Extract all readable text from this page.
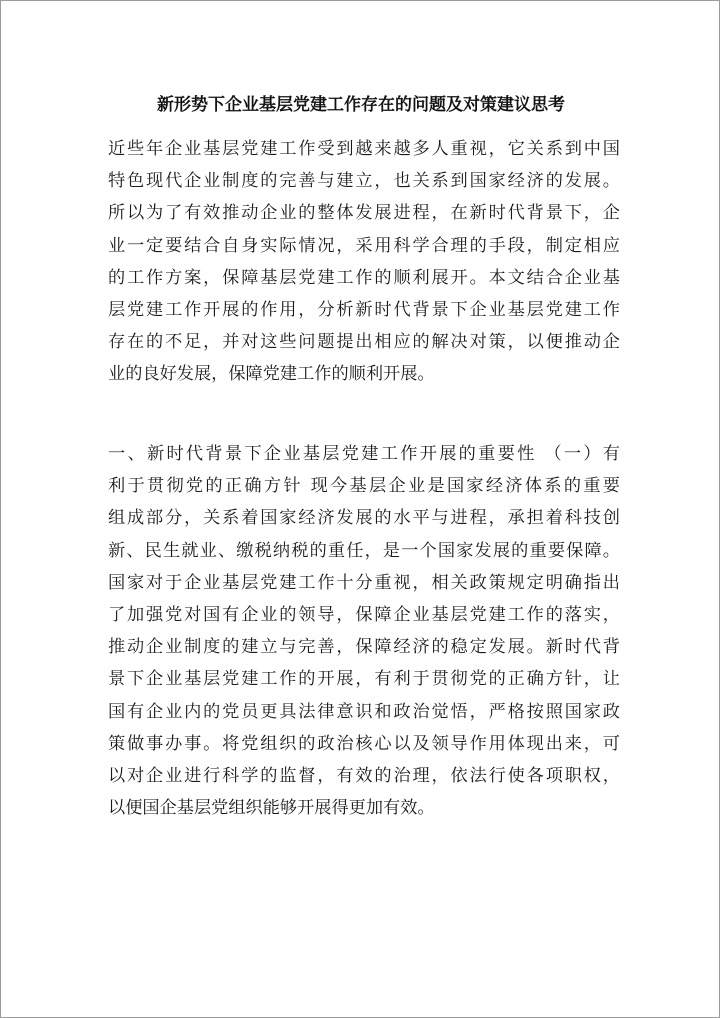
新形势下企业基层党建工作存在的问题及对策建议思考
近些年企业基层党建工作受到越来越多人重视，它关系到中国
特色现代企业制度的完善与建立，也关系到国家经济的发展。
所以为了有效推动企业的整体发展进程，在新时代背景下，企
业一定要结合自身实际情况，采用科学合理的手段，制定相应
的工作方案，保障基层党建工作的顺利展开。本文结合企业基
层党建工作开展的作用，分析新时代背景下企业基层党建工作
存在的不足，并对这些问题提出相应的解决对策，以便推动企
业的良好发展，保障党建工作的顺利开展。
一、新时代背景下企业基层党建工作开展的重要性 （一）有
利于贯彻党的正确方针 现今基层企业是国家经济体系的重要
组成部分，关系着国家经济发展的水平与进程，承担着科技创
新、民生就业、缴税纳税的重任，是一个国家发展的重要保障。
国家对于企业基层党建工作十分重视，相关政策规定明确指出
了加强党对国有企业的领导，保障企业基层党建工作的落实，
推动企业制度的建立与完善，保障经济的稳定发展。新时代背
景下企业基层党建工作的开展，有利于贯彻党的正确方针，让
国有企业内的党员更具法律意识和政治觉悟，严格按照国家政
策做事办事。将党组织的政治核心以及领导作用体现出来，可
以对企业进行科学的监督，有效的治理，依法行使各项职权，
以便国企基层党组织能够开展得更加有效。
